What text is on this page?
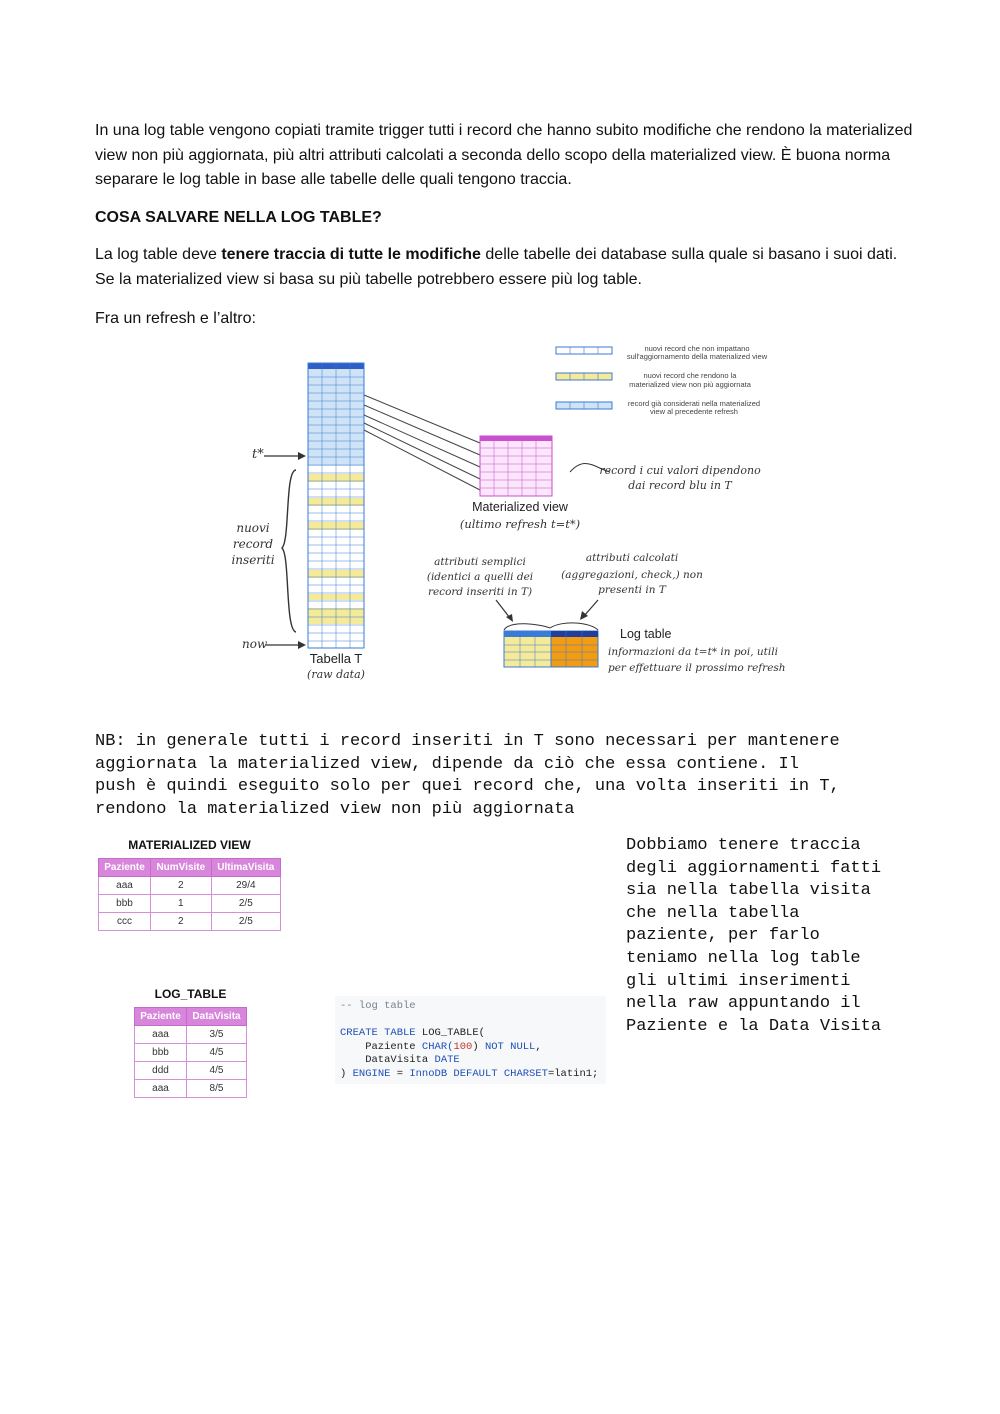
In una log table vengono copiati tramite trigger tutti i record che hanno subito modifiche che rendono la materialized view non più aggiornata, più altri attributi calcolati a seconda dello scopo della materialized view. È buona norma separare le log table in base alle tabelle delle quali tengono traccia.

COSA SALVARE NELLA LOG TABLE?

La log table deve tenere traccia di tutte le modifiche delle tabelle dei database sulla quale si basano i suoi dati. Se la materialized view si basa su più tabelle potrebbero essere più log table.

Fra un refresh e l’altro:

nuovi record che non impattano
sull'aggiornamento della materialized view
nuovi record che rendono la
materialized view non più aggiornata
record già considerati nella materialized
view al precedente refresh
t*
now
nuovi
record
inseriti
Tabella T
(raw data)
Materialized view
(ultimo refresh t=t*)
record i cui valori dipendono
dai record blu in T
attributi semplici
(identici a quelli dei
record inseriti in T)
attributi calcolati
(aggregazioni, check,) non
presenti in T
Log table
informazioni da t=t* in poi, utili
per effettuare il prossimo refresh

NB: in generale tutti i record inseriti in T sono necessari per mantenere
aggiornata la materialized view, dipende da ciò che essa contiene. Il
push è quindi eseguito solo per quei record che, una volta inseriti in T,
rendono la materialized view non più aggiornata

MATERIALIZED VIEW
Paziente	NumVisite	UltimaVisita
aaa	2	29/4
bbb	1	2/5
ccc	2	2/5
LOG_TABLE
Paziente	DataVisita
aaa	3/5
bbb	4/5
ddd	4/5
aaa	8/5
-- log table

CREATE TABLE LOG_TABLE(
Paziente CHAR(100) NOT NULL,
DataVisita DATE
) ENGINE = InnoDB DEFAULT CHARSET=latin1;

Dobbiamo tenere traccia
degli aggiornamenti fatti
sia nella tabella visita
che nella tabella
paziente, per farlo
teniamo nella log table
gli ultimi inserimenti
nella raw appuntando il
Paziente e la Data Visita
